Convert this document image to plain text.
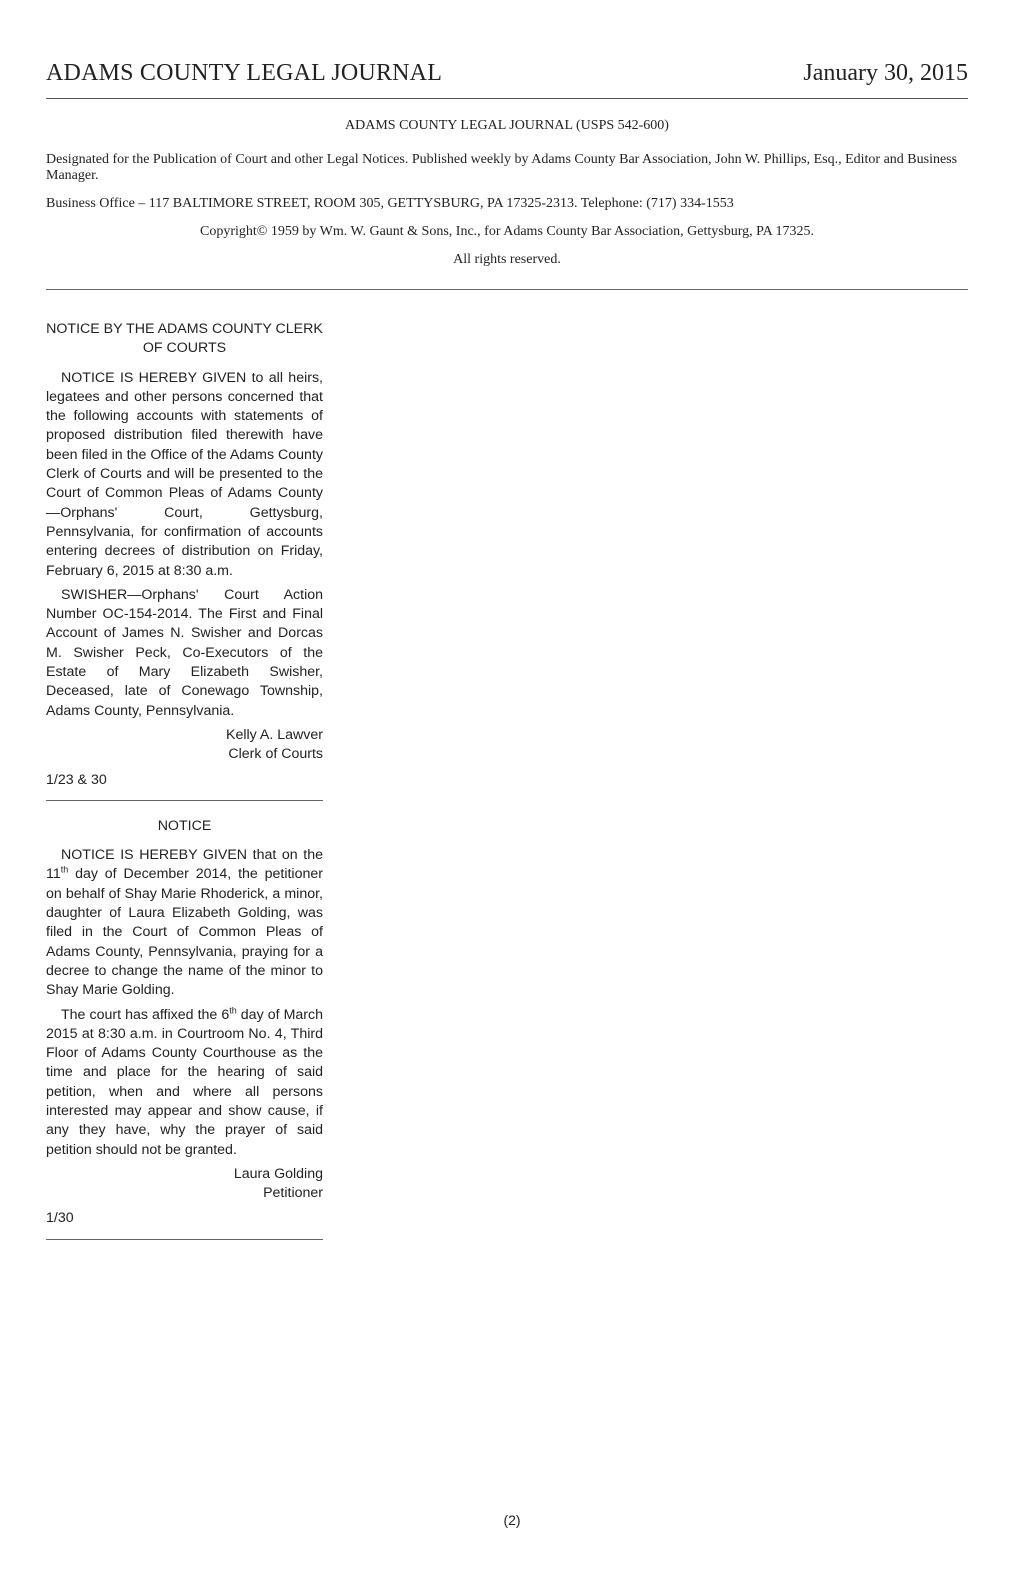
ADAMS COUNTY LEGAL JOURNAL	January 30, 2015
ADAMS COUNTY LEGAL JOURNAL (USPS 542-600)

Designated for the Publication of Court and other Legal Notices. Published weekly by Adams County Bar Association, John W. Phillips, Esq., Editor and Business Manager.

Business Office – 117 BALTIMORE STREET, ROOM 305, GETTYSBURG, PA 17325-2313. Telephone: (717) 334-1553

Copyright© 1959 by Wm. W. Gaunt & Sons, Inc., for Adams County Bar Association, Gettysburg, PA 17325.

All rights reserved.
NOTICE BY THE ADAMS COUNTY CLERK OF COURTS

NOTICE IS HEREBY GIVEN to all heirs, legatees and other persons concerned that the following accounts with statements of proposed distribution filed therewith have been filed in the Office of the Adams County Clerk of Courts and will be presented to the Court of Common Pleas of Adams County—Orphans' Court, Gettysburg, Pennsylvania, for confirmation of accounts entering decrees of distribution on Friday, February 6, 2015 at 8:30 a.m.

SWISHER—Orphans' Court Action Number OC-154-2014. The First and Final Account of James N. Swisher and Dorcas M. Swisher Peck, Co-Executors of the Estate of Mary Elizabeth Swisher, Deceased, late of Conewago Township, Adams County, Pennsylvania.

Kelly A. Lawver

Clerk of Courts

1/23 & 30
NOTICE

NOTICE IS HEREBY GIVEN that on the 11th day of December 2014, the petitioner on behalf of Shay Marie Rhoderick, a minor, daughter of Laura Elizabeth Golding, was filed in the Court of Common Pleas of Adams County, Pennsylvania, praying for a decree to change the name of the minor to Shay Marie Golding.

The court has affixed the 6th day of March 2015 at 8:30 a.m. in Courtroom No. 4, Third Floor of Adams County Courthouse as the time and place for the hearing of said petition, when and where all persons interested may appear and show cause, if any they have, why the prayer of said petition should not be granted.

Laura Golding

Petitioner

1/30
(2)
